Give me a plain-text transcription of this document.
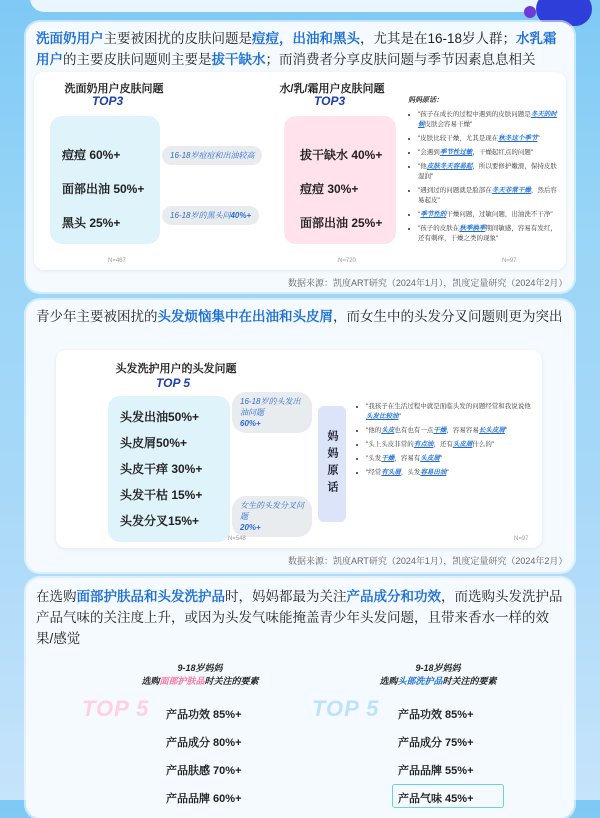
洗面奶用户主要被困扰的皮肤问题是痘痘，出油和黑头，尤其是在16-18岁人群；水乳霜用户的主要皮肤问题则主要是拔干缺水；而消费者分享皮肤问题与季节因素息息相关
洗面奶用户皮肤问题
TOP3
痘痘 60%+
面部出油 50%+
黑头 25%+
16-18岁痘痘和出油较高
16-18岁的黑头问40%+
N=467
水/乳/霜用户皮肤问题
TOP3
拔干缺水 40%+
痘痘 30%+
面部出油 25%+
N=720
妈妈原话：
• "孩子在成长的过程中遇到的皮肤问题是冬天的时候皮肤会容易干燥"
• "皮肤比较干燥，尤其是现在秋冬这个季节"
• "会遇到季节性过敏，干燥起红点的问题"
• "他皮肤冬天容易起，所以要修护嫩滑，保持皮肤湿润"
• "遇到过的问题就是脸部在冬天非常干燥，然后容易起皮"
• "季节性的干燥问题，过敏问题，出油洗不干净"
• "孩子的皮肤在秋季换季期间敏感，容易有发红，还有刺痒，干燥之类的现象"
N=97
数据来源：凯度ART研究（2024年1月），凯度定量研究（2024年2月）
青少年主要被困扰的头发烦恼集中在出油和头皮屑，而女生中的头发分叉问题则更为突出
头发洗护用户的头发问题
TOP 5
头发出油50%+
头皮屑50%+
头皮干痒 30%+
头发干枯 15%+
头发分叉15%+
16-18岁的头发出油问题
60%+
女生的头发分叉问题
20%+
N=548
妈妈原话
• "我孩子在生活过程中就是面临头发的问题经常和我说说他头发比较油"
• "他的头皮也有也有一点干燥，容易容易长头皮屑"
• "头上头皮非常的有点油，还有头皮屑什么的"
• "头发干燥，容易有头皮屑"
• "经常有头屑，头发容易出油"
N=97
数据来源：凯度ART研究（2024年1月），凯度定量研究（2024年2月）
在选购面部护肤品和头发洗护品时，妈妈都最为关注产品成分和功效，而选购头发洗护品产品气味的关注度上升，或因为头发气味能掩盖青少年头发问题，且带来香水一样的效果/感觉
9-18岁妈妈
选购面部护肤品时关注的要素
TOP 5 产品功效 85%+
产品成分 80%+
产品肤感 70%+
产品品牌 60%+
9-18岁妈妈
选购头部洗护品时关注的要素
TOP 5 产品功效 85%+
产品成分 75%+
产品品牌 55%+
产品气味 45%+
